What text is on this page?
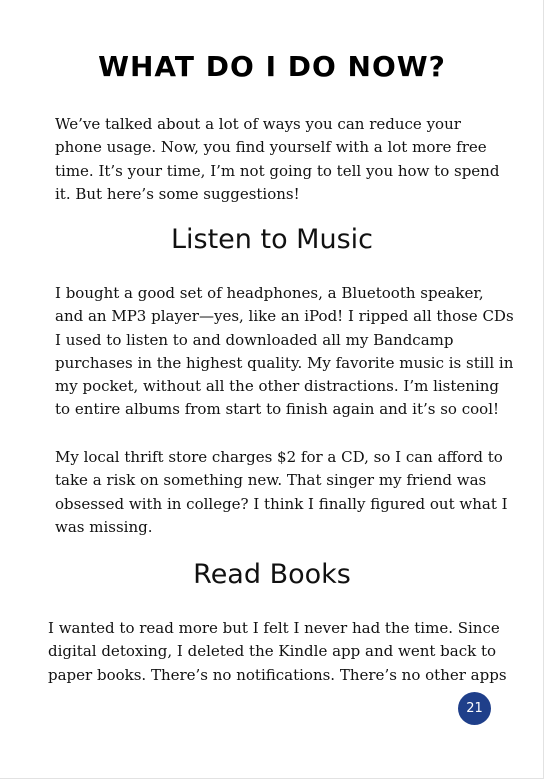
WHAT DO I DO NOW?

We’ve talked about a lot of ways you can reduce your
phone usage. Now, you find yourself with a lot more free
time. It’s your time, I’m not going to tell you how to spend
it. But here’s some suggestions!

Listen to Music

I bought a good set of headphones, a Bluetooth speaker,
and an MP3 player—yes, like an iPod! I ripped all those CDs
I used to listen to and downloaded all my Bandcamp
purchases in the highest quality. My favorite music is still in
my pocket, without all the other distractions. I’m listening
to entire albums from start to finish again and it’s so cool!

My local thrift store charges $2 for a CD, so I can afford to
take a risk on something new. That singer my friend was
obsessed with in college? I think I finally figured out what I
was missing.

Read Books

I wanted to read more but I felt I never had the time. Since
digital detoxing, I deleted the Kindle app and went back to
paper books. There’s no notifications. There’s no other apps

21
